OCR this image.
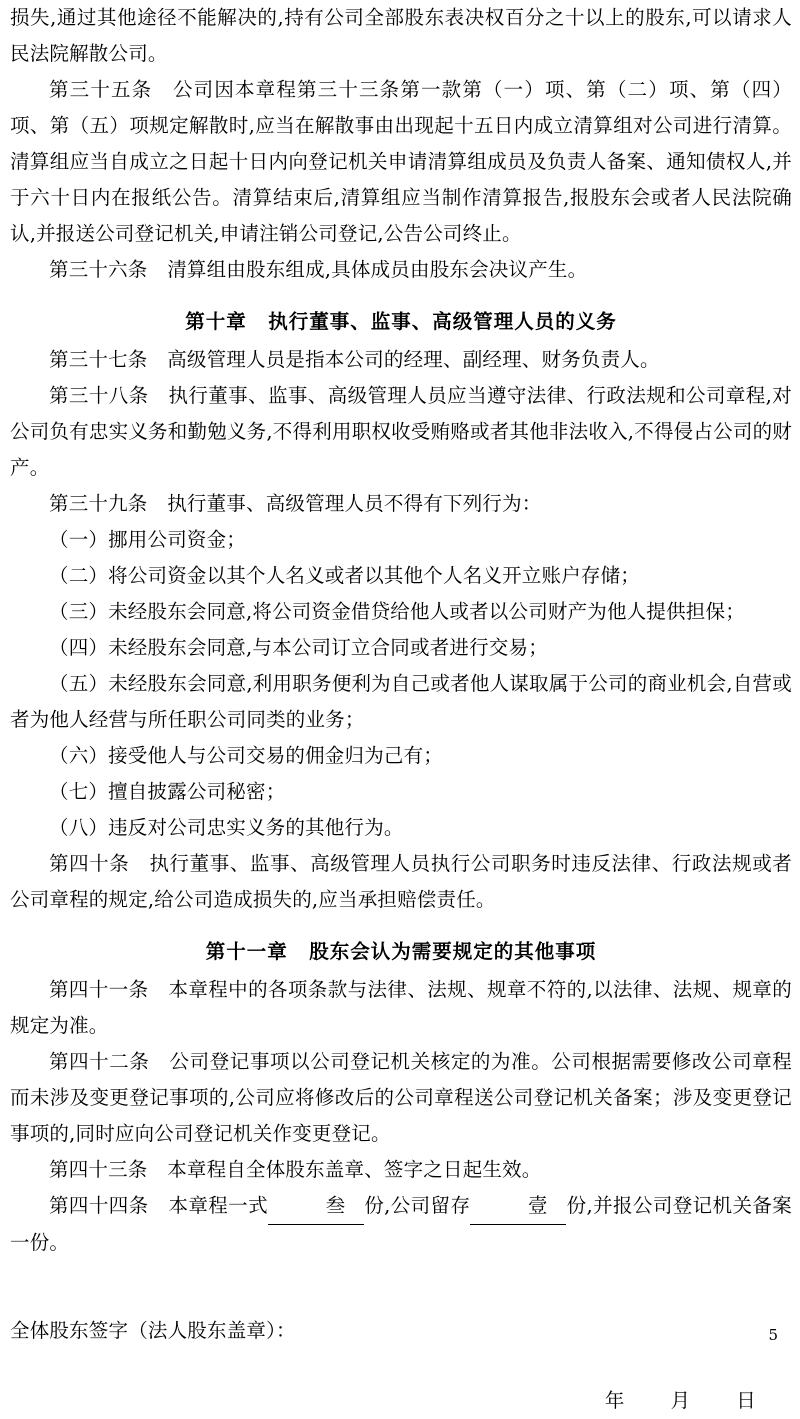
损失,通过其他途径不能解决的,持有公司全部股东表决权百分之十以上的股东,可以请求人民法院解散公司。

第三十五条　公司因本章程第三十三条第一款第（一）项、第（二）项、第（四）项、第（五）项规定解散时,应当在解散事由出现起十五日内成立清算组对公司进行清算。清算组应当自成立之日起十日内向登记机关申请清算组成员及负责人备案、通知债权人,并于六十日内在报纸公告。清算结束后,清算组应当制作清算报告,报股东会或者人民法院确认,并报送公司登记机关,申请注销公司登记,公告公司终止。

第三十六条　清算组由股东组成,具体成员由股东会决议产生。

第十章 执行董事、监事、高级管理人员的义务

第三十七条　高级管理人员是指本公司的经理、副经理、财务负责人。

第三十八条　执行董事、监事、高级管理人员应当遵守法律、行政法规和公司章程,对公司负有忠实义务和勤勉义务,不得利用职权收受贿赂或者其他非法收入,不得侵占公司的财产。

第三十九条　执行董事、高级管理人员不得有下列行为：

（一）挪用公司资金；

（二）将公司资金以其个人名义或者以其他个人名义开立账户存储；

（三）未经股东会同意,将公司资金借贷给他人或者以公司财产为他人提供担保；

（四）未经股东会同意,与本公司订立合同或者进行交易；

（五）未经股东会同意,利用职务便利为自己或者他人谋取属于公司的商业机会,自营或者为他人经营与所任职公司同类的业务；

（六）接受他人与公司交易的佣金归为己有；

（七）擅自披露公司秘密；

（八）违反对公司忠实义务的其他行为。

第四十条　执行董事、监事、高级管理人员执行公司职务时违反法律、行政法规或者公司章程的规定,给公司造成损失的,应当承担赔偿责任。

第十一章 股东会认为需要规定的其他事项

第四十一条　本章程中的各项条款与法律、法规、规章不符的,以法律、法规、规章的规定为准。

第四十二条　公司登记事项以公司登记机关核定的为准。公司根据需要修改公司章程而未涉及变更登记事项的,公司应将修改后的公司章程送公司登记机关备案；涉及变更登记事项的,同时应向公司登记机关作变更登记。

第四十三条　本章程自全体股东盖章、签字之日起生效。

第四十四条　本章程一式	叁 份,公司留存	壹 份,并报公司登记机关备案一份。

全体股东签字（法人股东盖章）：

年 月 日
5
